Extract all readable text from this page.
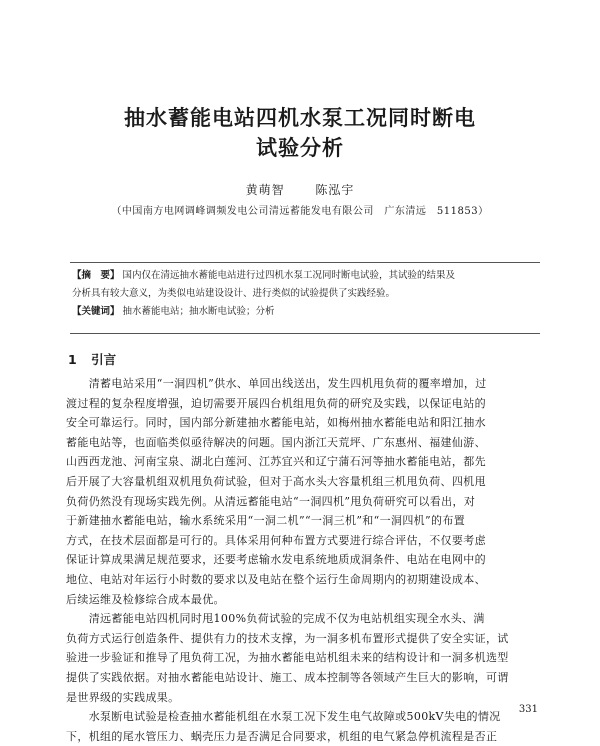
抽水蓄能电站四机水泵工况同时断电
试验分析
黄萌智	陈泓宇
（中国南方电网调峰调频发电公司清远蓄能发电有限公司　广东清远　511853）

【摘　要】 国内仅在清远抽水蓄能电站进行过四机水泵工况同时断电试验，其试验的结果及

分析具有较大意义，为类似电站建设设计、进行类似的试验提供了实践经验。

【关键词】 抽水蓄能电站；抽水断电试验；分析

1 引言

　　清蓄电站采用“一洞四机”供水、单回出线送出，发生四机甩负荷的覆率增加，过

渡过程的复杂程度增强，迫切需要开展四台机组甩负荷的研究及实践，以保证电站的

安全可靠运行。同时，国内部分新建抽水蓄能电站，如梅州抽水蓄能电站和阳江抽水

蓄能电站等，也面临类似亟待解决的问题。国内浙江天荒坪、广东惠州、福建仙游、

山西西龙池、河南宝泉、湖北白莲河、江苏宜兴和辽宁蒲石河等抽水蓄能电站，都先

后开展了大容量机组双机甩负荷试验，但对于高水头大容量机组三机甩负荷、四机甩

负荷仍然没有现场实践先例。从清远蓄能电站“一洞四机”甩负荷研究可以看出，对

于新建抽水蓄能电站，输水系统采用“一洞二机”“一洞三机”和“一洞四机”的布置

方式，在技术层面都是可行的。具体采用何种布置方式要进行综合评估，不仅要考虑

保证计算成果满足规范要求，还要考虑输水发电系统地质成洞条件、电站在电网中的

地位、电站对年运行小时数的要求以及电站在整个运行生命周期内的初期建设成本、

后续运维及检修综合成本最优。

　　清远蓄能电站四机同时甩100%负荷试验的完成不仅为电站机组实现全水头、满

负荷方式运行创造条件、提供有力的技术支撑，为一洞多机布置形式提供了安全实证，试

验进一步验证和推导了甩负荷工况，为抽水蓄能电站机组未来的结构设计和一洞多机选型

提供了实践依据。对抽水蓄能电站设计、施工、成本控制等各领域产生巨大的影响，可谓

是世界级的实践成果。

　　水泵断电试验是检查抽水蓄能机组在水泵工况下发生电气故障或500kV失电的情况

下，机组的尾水管压力、蜗壳压力是否满足合同要求，机组的电气紧急停机流程是否正

331
